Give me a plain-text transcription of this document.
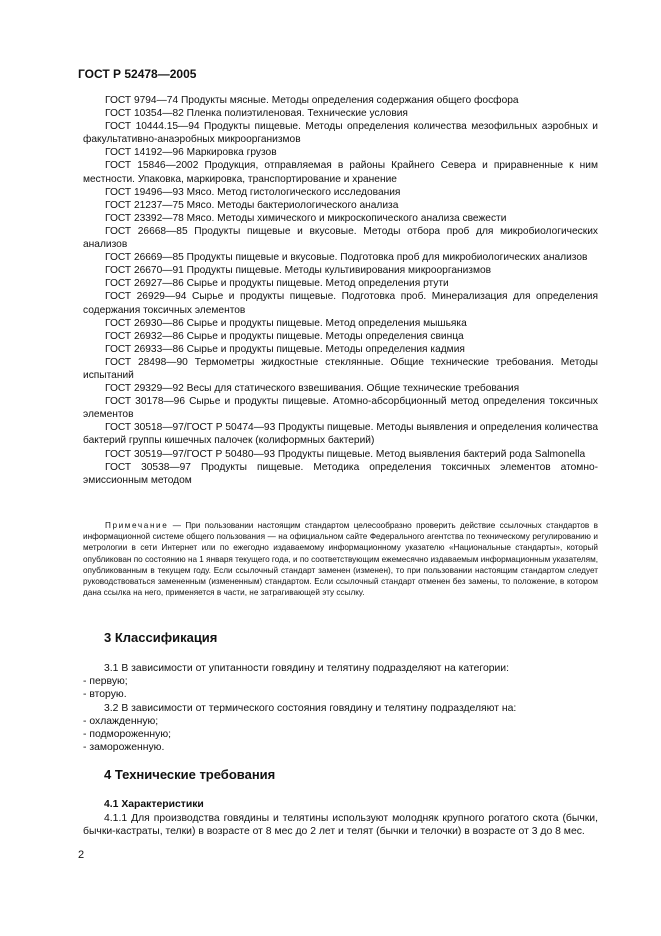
ГОСТ Р 52478—2005
ГОСТ 9794—74 Продукты мясные. Методы определения содержания общего фосфора
ГОСТ 10354—82 Пленка полиэтиленовая. Технические условия
ГОСТ 10444.15—94 Продукты пищевые. Методы определения количества мезофильных аэробных и факультативно-анаэробных микроорганизмов
ГОСТ 14192—96 Маркировка грузов
ГОСТ 15846—2002 Продукция, отправляемая в районы Крайнего Севера и приравненные к ним местности. Упаковка, маркировка, транспортирование и хранение
ГОСТ 19496—93 Мясо. Метод гистологического исследования
ГОСТ 21237—75 Мясо. Методы бактериологического анализа
ГОСТ 23392—78 Мясо. Методы химического и микроскопического анализа свежести
ГОСТ 26668—85 Продукты пищевые и вкусовые. Методы отбора проб для микробиологических анализов
ГОСТ 26669—85 Продукты пищевые и вкусовые. Подготовка проб для микробиологических анализов
ГОСТ 26670—91 Продукты пищевые. Методы культивирования микроорганизмов
ГОСТ 26927—86 Сырье и продукты пищевые. Метод определения ртути
ГОСТ 26929—94 Сырье и продукты пищевые. Подготовка проб. Минерализация для определения содержания токсичных элементов
ГОСТ 26930—86 Сырье и продукты пищевые. Метод определения мышьяка
ГОСТ 26932—86 Сырье и продукты пищевые. Методы определения свинца
ГОСТ 26933—86 Сырье и продукты пищевые. Методы определения кадмия
ГОСТ 28498—90 Термометры жидкостные стеклянные. Общие технические требования. Методы испытаний
ГОСТ 29329—92 Весы для статического взвешивания. Общие технические требования
ГОСТ 30178—96 Сырье и продукты пищевые. Атомно-абсорбционный метод определения токсичных элементов
ГОСТ 30518—97/ГОСТ Р 50474—93 Продукты пищевые. Методы выявления и определения количества бактерий группы кишечных палочек (колиформных бактерий)
ГОСТ 30519—97/ГОСТ Р 50480—93 Продукты пищевые. Метод выявления бактерий рода Salmonella
ГОСТ 30538—97 Продукты пищевые. Методика определения токсичных элементов атомно-эмиссионным методом
Примечание — При пользовании настоящим стандартом целесообразно проверить действие ссылочных стандартов в информационной системе общего пользования — на официальном сайте Федерального агентства по техническому регулированию и метрологии в сети Интернет или по ежегодно издаваемому информационному указателю «Национальные стандарты», который опубликован по состоянию на 1 января текущего года, и по соответствующим ежемесячно издаваемым информационным указателям, опубликованным в текущем году. Если ссылочный стандарт заменен (изменен), то при пользовании настоящим стандартом следует руководствоваться замененным (измененным) стандартом. Если ссылочный стандарт отменен без замены, то положение, в котором дана ссылка на него, применяется в части, не затрагивающей эту ссылку.
3 Классификация
3.1 В зависимости от упитанности говядину и телятину подразделяют на категории:
- первую;
- вторую.
3.2 В зависимости от термического состояния говядину и телятину подразделяют на:
- охлажденную;
- подмороженную;
- замороженную.
4 Технические требования
4.1 Характеристики
4.1.1 Для производства говядины и телятины используют молодняк крупного рогатого скота (бычки, бычки-кастраты, телки) в возрасте от 8 мес до 2 лет и телят (бычки и телочки) в возрасте от 3 до 8 мес.
2
